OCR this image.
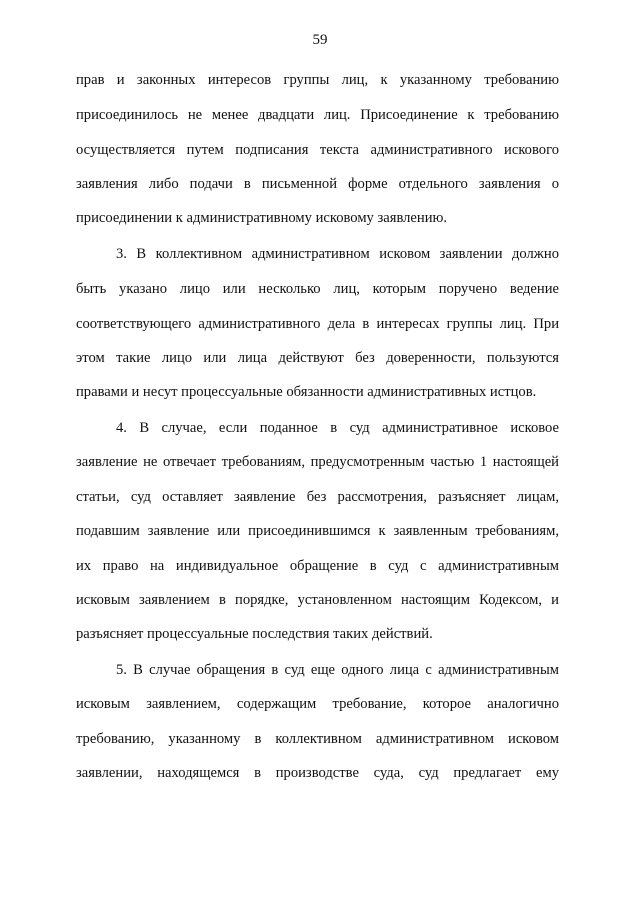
59
прав и законных интересов группы лиц, к указанному требованию
присоединилось не менее двадцати лиц. Присоединение к требованию
осуществляется путем подписания текста административного искового
заявления либо подачи в письменной форме отдельного заявления о
присоединении к административному исковому заявлению.
3. В коллективном административном исковом заявлении должно
быть указано лицо или несколько лиц, которым поручено ведение
соответствующего административного дела в интересах группы лиц. При
этом такие лицо или лица действуют без доверенности, пользуются
правами и несут процессуальные обязанности административных истцов.
4. В случае, если поданное в суд административное исковое
заявление не отвечает требованиям, предусмотренным частью 1 настоящей
статьи, суд оставляет заявление без рассмотрения, разъясняет лицам,
подавшим заявление или присоединившимся к заявленным требованиям,
их право на индивидуальное обращение в суд с административным
исковым заявлением в порядке, установленном настоящим Кодексом, и
разъясняет процессуальные последствия таких действий.
5. В случае обращения в суд еще одного лица с административным
исковым заявлением, содержащим требование, которое аналогично
требованию, указанному в коллективном административном исковом
заявлении, находящемся в производстве суда, суд предлагает ему
